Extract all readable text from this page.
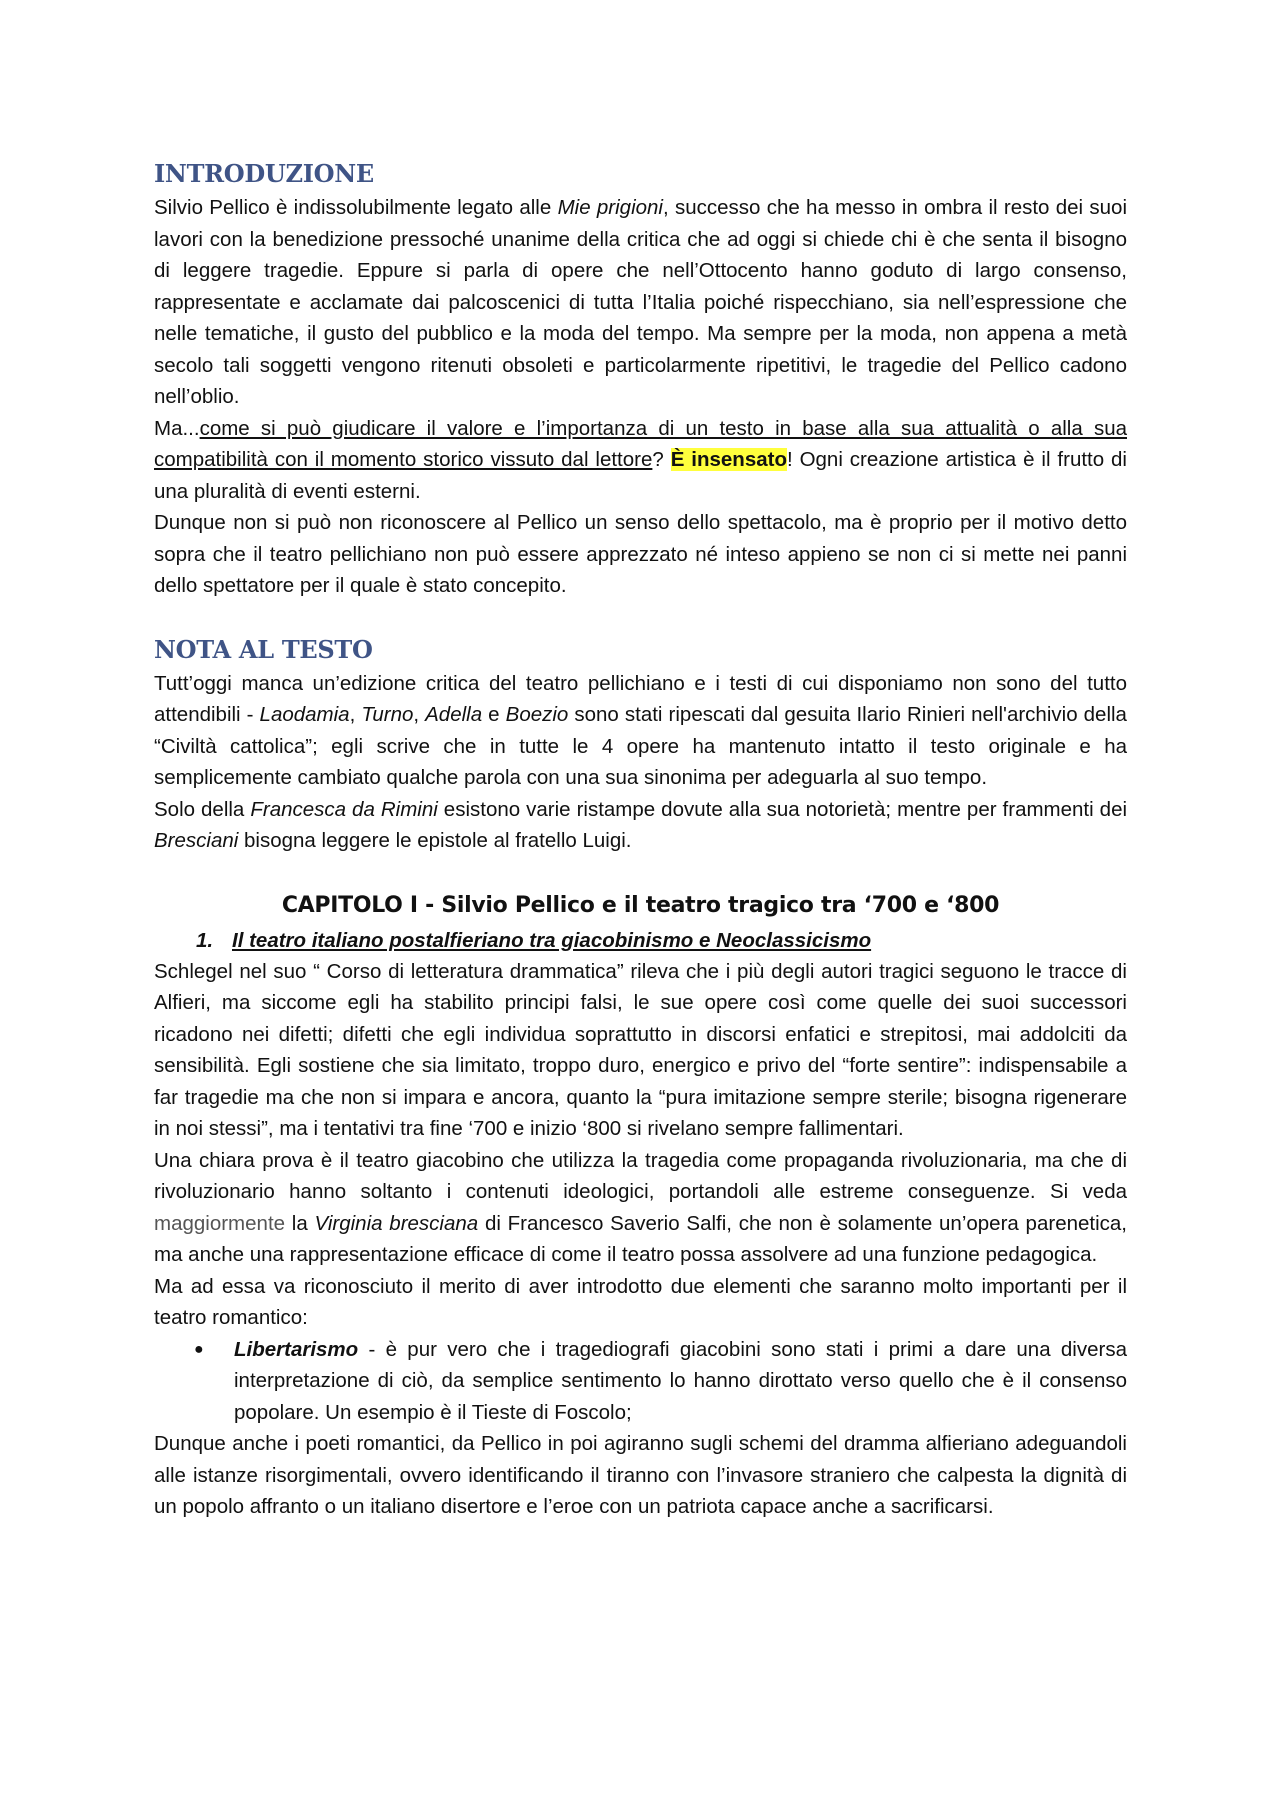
INTRODUZIONE

Silvio Pellico è indissolubilmente legato alle Mie prigioni, successo che ha messo in ombra il resto dei suoi lavori con la benedizione pressoché unanime della critica che ad oggi si chiede chi è che senta il bisogno di leggere tragedie. Eppure si parla di opere che nell’Ottocento hanno goduto di largo consenso, rappresentate e acclamate dai palcoscenici di tutta l’Italia poiché rispecchiano, sia nell’espressione che nelle tematiche, il gusto del pubblico e la moda del tempo. Ma sempre per la moda, non appena a metà secolo tali soggetti vengono ritenuti obsoleti e particolarmente ripetitivi, le tragedie del Pellico cadono nell’oblio.

Ma...come si può giudicare il valore e l’importanza di un testo in base alla sua attualità o alla sua compatibilità con il momento storico vissuto dal lettore? È insensato! Ogni creazione artistica è il frutto di una pluralità di eventi esterni.

Dunque non si può non riconoscere al Pellico un senso dello spettacolo, ma è proprio per il motivo detto sopra che il teatro pellichiano non può essere apprezzato né inteso appieno se non ci si mette nei panni dello spettatore per il quale è stato concepito.

NOTA AL TESTO

Tutt’oggi manca un’edizione critica del teatro pellichiano e i testi di cui disponiamo non sono del tutto attendibili - Laodamia, Turno, Adella e Boezio sono stati ripescati dal gesuita Ilario Rinieri nell'archivio della “Civiltà cattolica”; egli scrive che in tutte le 4 opere ha mantenuto intatto il testo originale e ha semplicemente cambiato qualche parola con una sua sinonima per adeguarla al suo tempo.

Solo della Francesca da Rimini esistono varie ristampe dovute alla sua notorietà; mentre per frammenti dei Bresciani bisogna leggere le epistole al fratello Luigi.

CAPITOLO I - Silvio Pellico e il teatro tragico tra ‘700 e ‘800

1. Il teatro italiano postalfieriano tra giacobinismo e Neoclassicismo

Schlegel nel suo “ Corso di letteratura drammatica” rileva che i più degli autori tragici seguono le tracce di Alfieri, ma siccome egli ha stabilito principi falsi, le sue opere così come quelle dei suoi successori ricadono nei difetti; difetti che egli individua soprattutto in discorsi enfatici e strepitosi, mai addolciti da sensibilità. Egli sostiene che sia limitato, troppo duro, energico e privo del “forte sentire”: indispensabile a far tragedie ma che non si impara e ancora, quanto la “pura imitazione sempre sterile; bisogna rigenerare in noi stessi”, ma i tentativi tra fine ‘700 e inizio ‘800 si rivelano sempre fallimentari.

Una chiara prova è il teatro giacobino che utilizza la tragedia come propaganda rivoluzionaria, ma che di rivoluzionario hanno soltanto i contenuti ideologici, portandoli alle estreme conseguenze. Si veda maggiormente la Virginia bresciana di Francesco Saverio Salfi, che non è solamente un’opera parenetica, ma anche una rappresentazione efficace di come il teatro possa assolvere ad una funzione pedagogica.

Ma ad essa va riconosciuto il merito di aver introdotto due elementi che saranno molto importanti per il teatro romantico:

● Libertarismo - è pur vero che i tragediografi giacobini sono stati i primi a dare una diversa interpretazione di ciò, da semplice sentimento lo hanno dirottato verso quello che è il consenso popolare. Un esempio è il Tieste di Foscolo;

Dunque anche i poeti romantici, da Pellico in poi agiranno sugli schemi del dramma alfieriano adeguandoli alle istanze risorgimentali, ovvero identificando il tiranno con l’invasore straniero che calpesta la dignità di un popolo affranto o un italiano disertore e l’eroe con un patriota capace anche a sacrificarsi.
